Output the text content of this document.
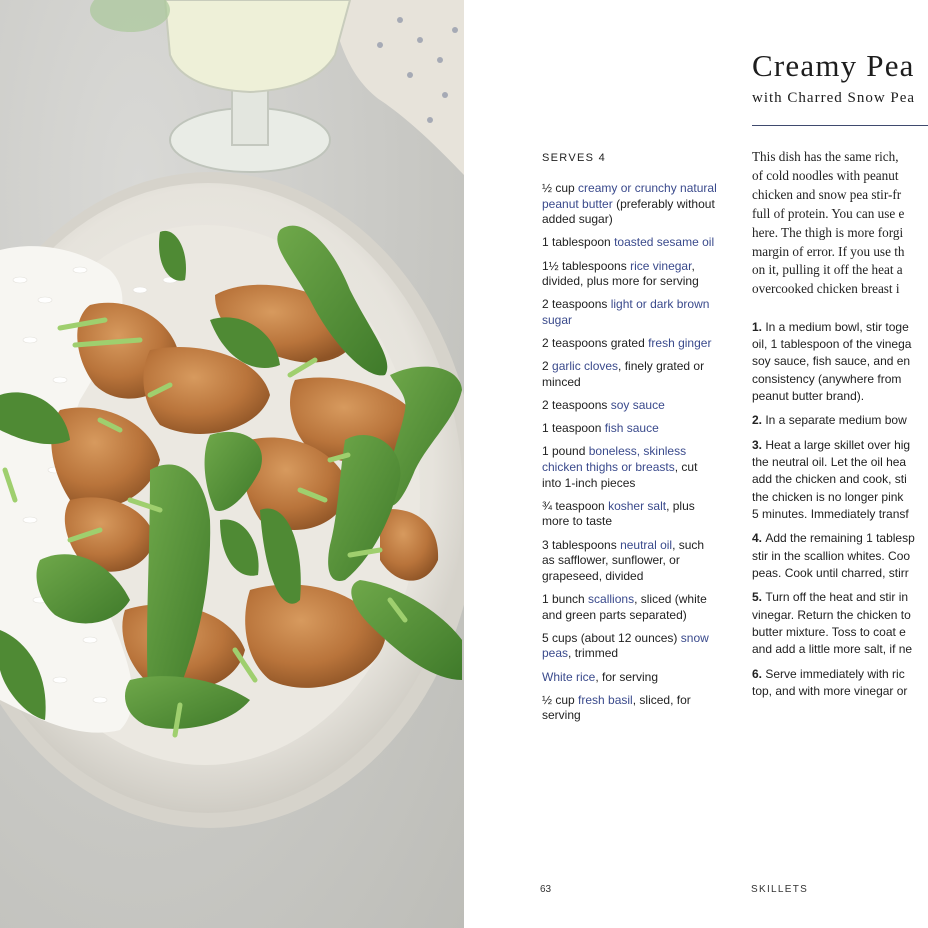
Creamy Pea
with Charred Snow Pea
SERVES 4
½ cup creamy or crunchy natural peanut butter (preferably without added sugar)
1 tablespoon toasted sesame oil
1½ tablespoons rice vinegar, divided, plus more for serving
2 teaspoons light or dark brown sugar
2 teaspoons grated fresh ginger
2 garlic cloves, finely grated or minced
2 teaspoons soy sauce
1 teaspoon fish sauce
1 pound boneless, skinless chicken thighs or breasts, cut into 1-inch pieces
¾ teaspoon kosher salt, plus more to taste
3 tablespoons neutral oil, such as safflower, sunflower, or grapeseed, divided
1 bunch scallions, sliced (white and green parts separated)
5 cups (about 12 ounces) snow peas, trimmed
White rice, for serving
½ cup fresh basil, sliced, for serving
This dish has the same rich,
of cold noodles with peanut
chicken and snow pea stir-fr
full of protein. You can use e
here. The thigh is more forgi
margin of error. If you use th
on it, pulling it off the heat a
overcooked chicken breast i
1. In a medium bowl, stir toge
oil, 1 tablespoon of the vinega
soy sauce, fish sauce, and en
consistency (anywhere from
peanut butter brand).
2. In a separate medium bow
3. Heat a large skillet over hig
the neutral oil. Let the oil hea
add the chicken and cook, sti
the chicken is no longer pink
5 minutes. Immediately transf
4. Add the remaining 1 tablesp
stir in the scallion whites. Coo
peas. Cook until charred, stirr
5. Turn off the heat and stir in
vinegar. Return the chicken to
butter mixture. Toss to coat e
and add a little more salt, if ne
6. Serve immediately with ric
top, and with more vinegar or
63	SKILLETS
